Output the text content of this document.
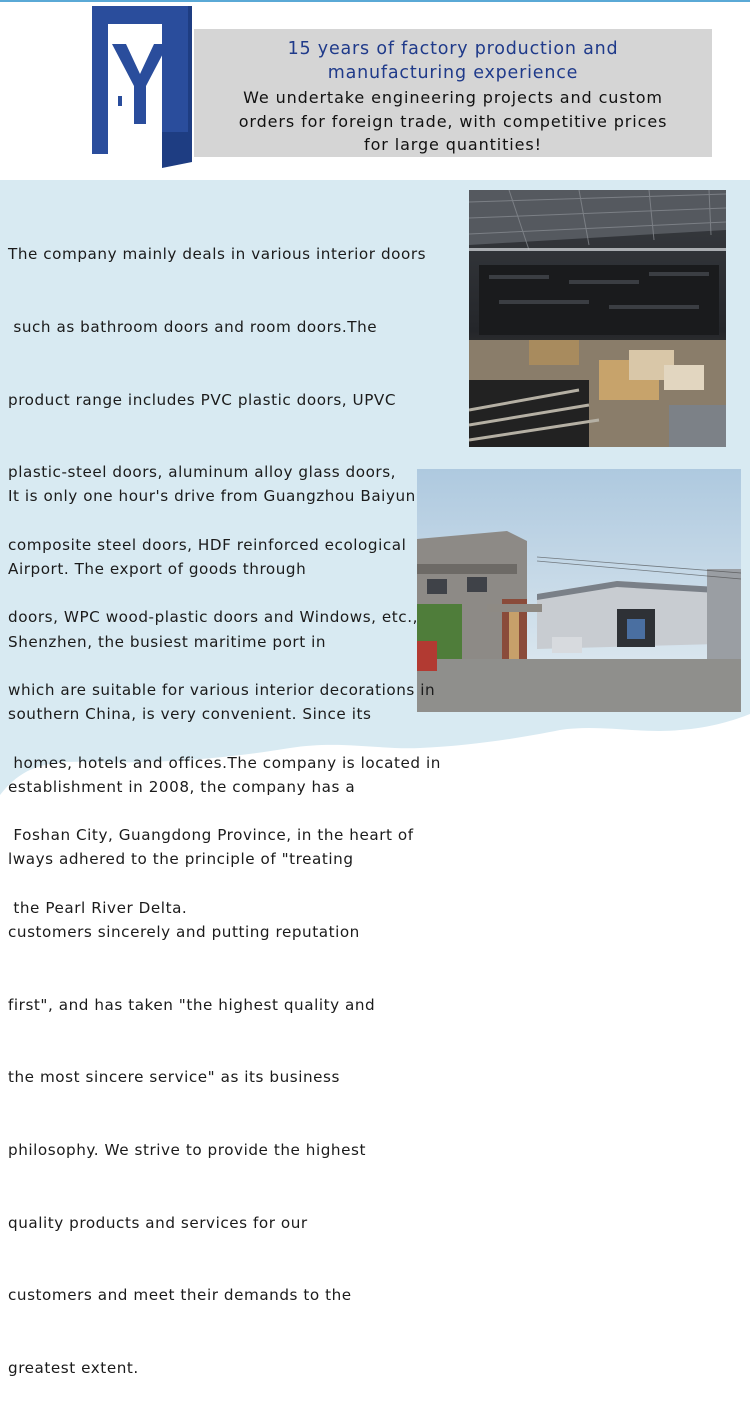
15 years of factory production and
manufacturing experience
We undertake engineering projects and custom
orders for foreign trade, with competitive prices
for large quantities!

The company mainly deals in various interior doors

such as bathroom doors and room doors.The

product range includes PVC plastic doors, UPVC

plastic-steel doors, aluminum alloy glass doors,

composite steel doors, HDF reinforced ecological

doors, WPC wood-plastic doors and Windows, etc.,

which are suitable for various interior decorations in

homes, hotels and offices.The company is located in

Foshan City, Guangdong Province, in the heart of

the Pearl River Delta.

It is only one hour's drive from Guangzhou Baiyun

Airport. The export of goods through

Shenzhen, the busiest maritime port in

southern China, is very convenient. Since its

establishment in 2008, the company has a

lways adhered to the principle of "treating

customers sincerely and putting reputation

first", and has taken "the highest quality and

the most sincere service" as its business

philosophy. We strive to provide the highest

quality products and services for our

customers and meet their demands to the

greatest extent.
